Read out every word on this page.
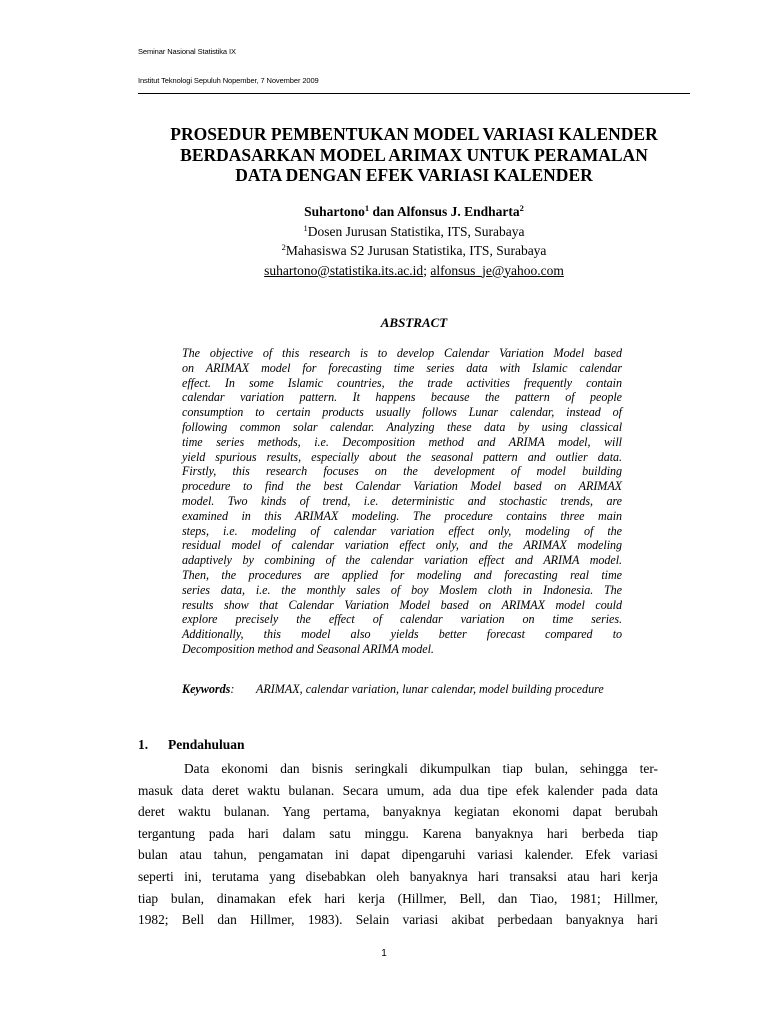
Seminar Nasional Statistika IX
Institut Teknologi Sepuluh Nopember, 7 November 2009
PROSEDUR PEMBENTUKAN MODEL VARIASI KALENDER
BERDASARKAN MODEL ARIMAX UNTUK PERAMALAN
DATA DENGAN EFEK VARIASI KALENDER
Suhartono$^1$ dan Alfonsus J. Endharta$^2$
$^1$Dosen Jurusan Statistika, ITS, Surabaya
$^2$Mahasiswa S2 Jurusan Statistika, ITS, Surabaya
suhartono@statistika.its.ac.id; alfonsus_je@yahoo.com
ABSTRACT
The objective of this research is to develop Calendar Variation Model based
on ARIMAX model for forecasting time series data with Islamic calendar
effect. In some Islamic countries, the trade activities frequently contain
calendar variation pattern. It happens because the pattern of people
consumption to certain products usually follows Lunar calendar, instead of
following common solar calendar. Analyzing these data by using classical
time series methods, i.e. Decomposition method and ARIMA model, will
yield spurious results, especially about the seasonal pattern and outlier data.
Firstly, this research focuses on the development of model building
procedure to find the best Calendar Variation Model based on ARIMAX
model. Two kinds of trend, i.e. deterministic and stochastic trends, are
examined in this ARIMAX modeling. The procedure contains three main
steps, i.e. modeling of calendar variation effect only, modeling of the
residual model of calendar variation effect only, and the ARIMAX modeling
adaptively by combining of the calendar variation effect and ARIMA model.
Then, the procedures are applied for modeling and forecasting real time
series data, i.e. the monthly sales of boy Moslem cloth in Indonesia. The
results show that Calendar Variation Model based on ARIMAX model could
explore precisely the effect of calendar variation on time series.
Additionally, this model also yields better forecast compared to
Decomposition method and Seasonal ARIMA model.
Keywords: ARIMAX, calendar variation, lunar calendar, model building procedure
1. Pendahuluan
Data ekonomi dan bisnis seringkali dikumpulkan tiap bulan, sehingga ter-
masuk data deret waktu bulanan. Secara umum, ada dua tipe efek kalender pada data
deret waktu bulanan. Yang pertama, banyaknya kegiatan ekonomi dapat berubah
tergantung pada hari dalam satu minggu. Karena banyaknya hari berbeda tiap
bulan atau tahun, pengamatan ini dapat dipengaruhi variasi kalender. Efek variasi
seperti ini, terutama yang disebabkan oleh banyaknya hari transaksi atau hari kerja
tiap bulan, dinamakan efek hari kerja (Hillmer, Bell, dan Tiao, 1981; Hillmer,
1982; Bell dan Hillmer, 1983). Selain variasi akibat perbedaan banyaknya hari
1
